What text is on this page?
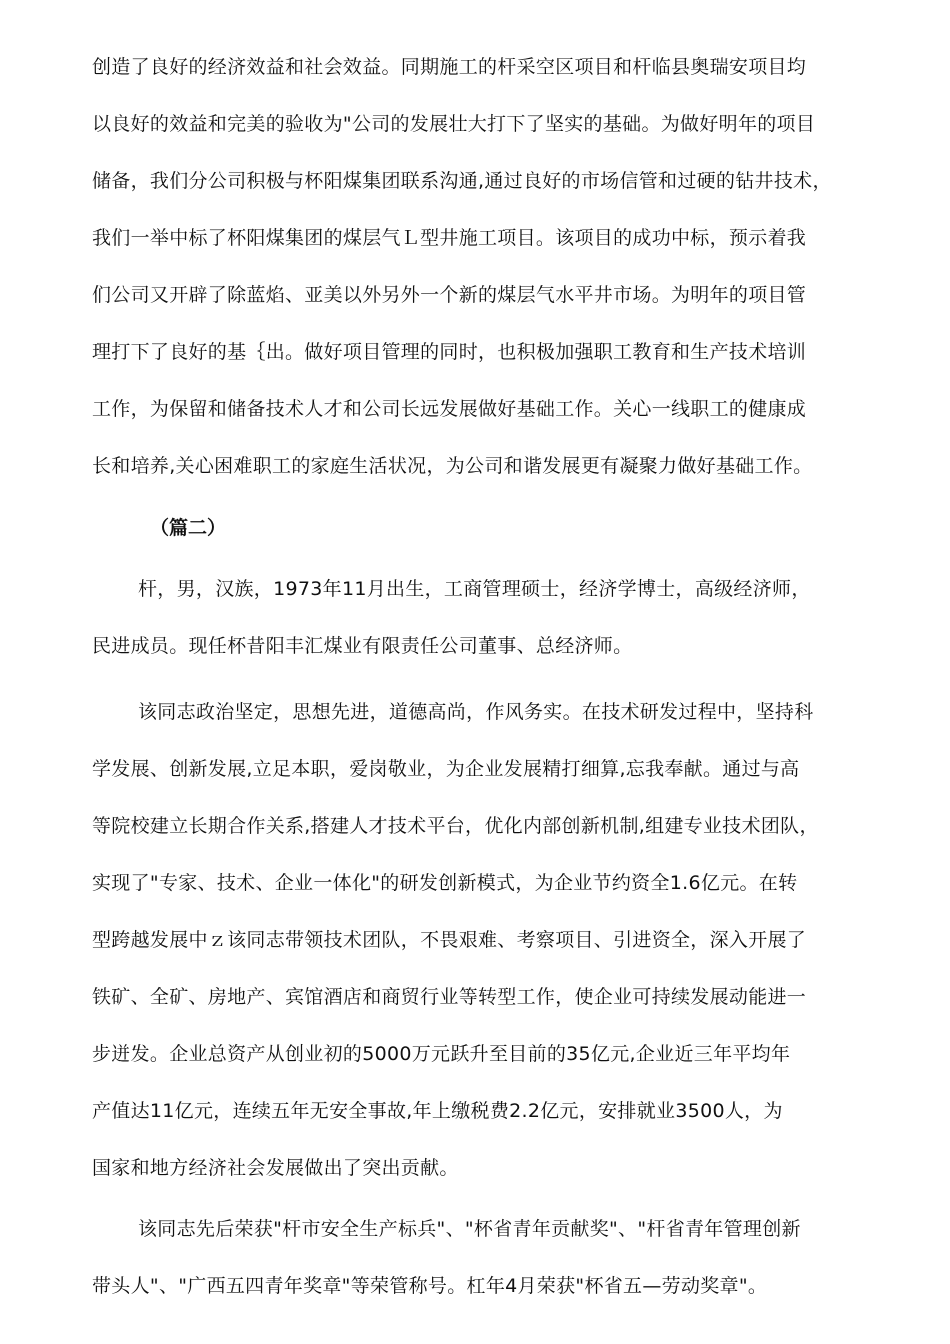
创造了良好的经济效益和社会效益。同期施工的杆采空区项目和杆临县奥瑞安项目均
以良好的效益和完美的验收为"公司的发展壮大打下了坚实的基础。为做好明年的项目
储备，我们分公司积极与杯阳煤集团联系沟通,通过良好的市场信管和过硬的钻井技术，
我们一举中标了杯阳煤集团的煤层气Ｌ型井施工项目。该项目的成功中标，预示着我
们公司又开辟了除蓝焰、亚美以外另外一个新的煤层气水平井市场。为明年的项目管
理打下了良好的基｛出。做好项目管理的同时，也积极加强职工教育和生产技术培训
工作，为保留和储备技术人才和公司长远发展做好基础工作。关心一线职工的健康成
长和培养,关心困难职工的家庭生活状况，为公司和谐发展更有凝聚力做好基础工作。
（篇二）
杆，男，汉族，1973年11月出生，工商管理硕士，经济学博士，高级经济师，
民进成员。现任杯昔阳丰汇煤业有限责任公司董事、总经济师。
该同志政治坚定，思想先进，道德高尚，作风务实。在技术研发过程中，坚持科
学发展、创新发展,立足本职，爱岗敬业，为企业发展精打细算,忘我奉献。通过与高
等院校建立长期合作关系,搭建人才技术平台，优化内部创新机制,组建专业技术团队，
实现了"专家、技术、企业一体化"的研发创新模式，为企业节约资全1.6亿元。在转
型跨越发展中ｚ该同志带领技术团队，不畏艰难、考察项目、引进资全，深入开展了
铁矿、全矿、房地产、宾馆酒店和商贸行业等转型工作，使企业可持续发展动能进一
步迸发。企业总资产从创业初的5000万元跃升至目前的35亿元,企业近三年平均年
产值达11亿元，连续五年无安全事故,年上缴税费2.2亿元，安排就业3500人，为
国家和地方经济社会发展做出了突出贡献。
该同志先后荣获"杆市安全生产标兵"、"杯省青年贡献奖"、"杆省青年管理创新
带头人"、"广西五四青年奖章"等荣管称号。杠年4月荣获"杯省五—劳动奖章"。
